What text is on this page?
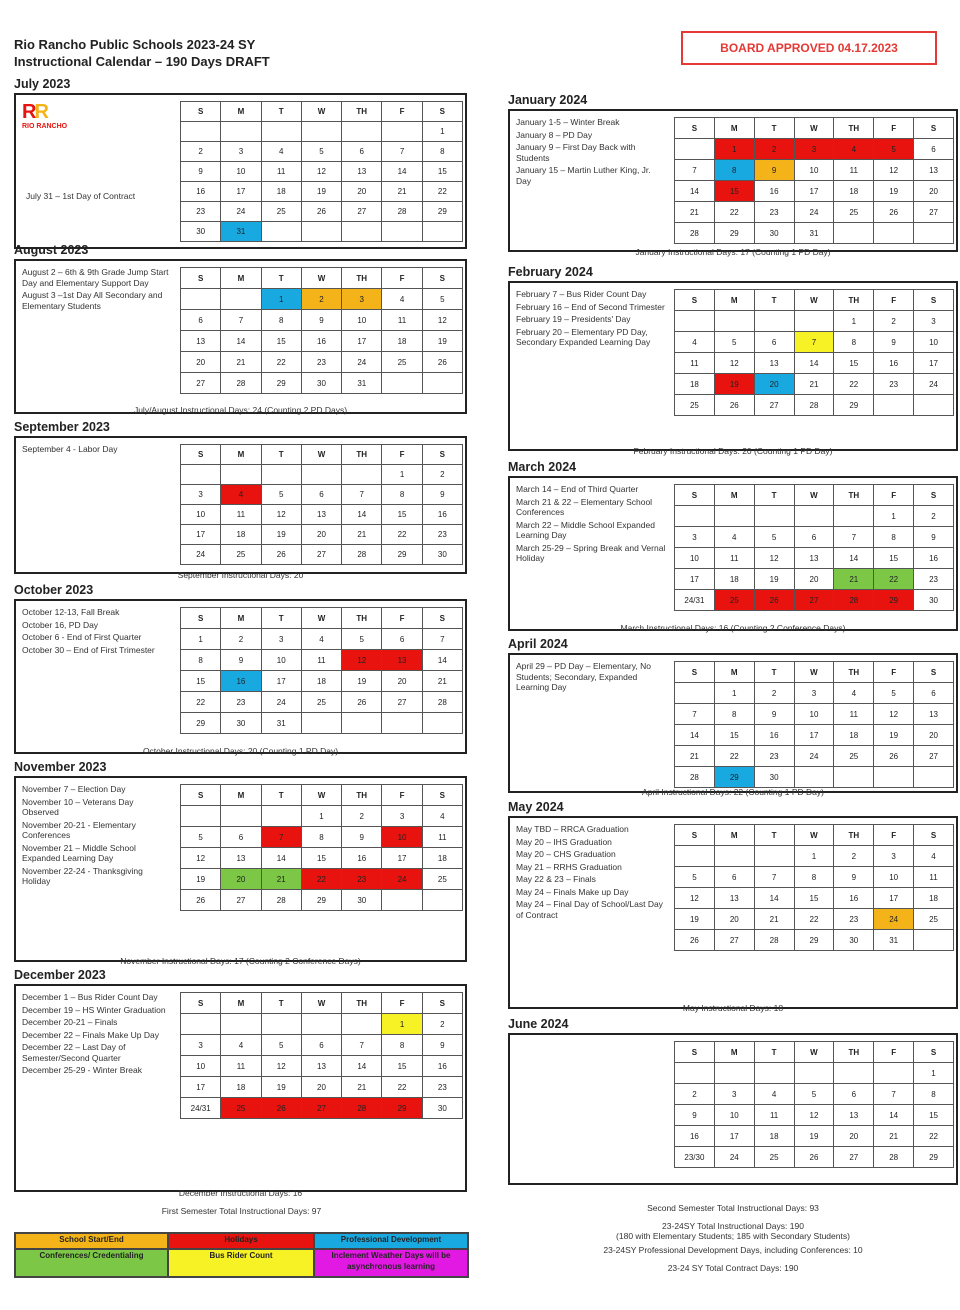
Rio Rancho Public Schools 2023-24 SY
Instructional Calendar – 190 Days DRAFT
BOARD APPROVED 04.17.2023
July 2023
July 31 – 1st Day of Contract
RR
RIO RANCHO
S	M	T	W	TH	F	S
						1
2	3	4	5	6	7	8
9	10	11	12	13	14	15
16	17	18	19	20	21	22
23	24	25	26	27	28	29
30	31					
August 2023
August 2 – 6th & 9th Grade Jump Start Day and Elementary Support Day
August 3 –1st Day All Secondary and Elementary Students
S	M	T	W	TH	F	S
		1	2	3	4	5
6	7	8	9	10	11	12
13	14	15	16	17	18	19
20	21	22	23	24	25	26
27	28	29	30	31		
July/August Instructional Days: 24 (Counting 2 PD Days)
September 2023
September 4 - Labor Day
S	M	T	W	TH	F	S
					1	2
3	4	5	6	7	8	9
10	11	12	13	14	15	16
17	18	19	20	21	22	23
24	25	26	27	28	29	30
September Instructional Days: 20
October 2023
October 12-13, Fall Break
October 16, PD Day
October 6 - End of First Quarter
October 30 – End of First Trimester
S	M	T	W	TH	F	S
1	2	3	4	5	6	7
8	9	10	11	12	13	14
15	16	17	18	19	20	21
22	23	24	25	26	27	28
29	30	31				
October Instructional Days: 20 (Counting 1 PD Day)
November 2023
November 7 – Election Day
November 10 – Veterans Day Observed
November 20-21 - Elementary Conferences
November 21 – Middle School Expanded Learning Day
November 22-24 - Thanksgiving Holiday
S	M	T	W	TH	F	S
			1	2	3	4
5	6	7	8	9	10	11
12	13	14	15	16	17	18
19	20	21	22	23	24	25
26	27	28	29	30		
November Instructional Days: 17 (Counting 2 Conference Days)
December 2023
December 1 – Bus Rider Count Day
December 19 – HS Winter Graduation
December 20-21 – Finals
December 22 – Finals Make Up Day
December 22 – Last Day of Semester/Second Quarter
December 25-29 - Winter Break
S	M	T	W	TH	F	S
					1	2
3	4	5	6	7	8	9
10	11	12	13	14	15	16
17	18	19	20	21	22	23
24/31	25	26	27	28	29	30
December Instructional Days: 16
January 2024
January 1-5 – Winter Break
January 8 – PD Day
January 9 – First Day Back with Students
January 15 – Martin Luther King, Jr. Day
S	M	T	W	TH	F	S
	1	2	3	4	5	6
7	8	9	10	11	12	13
14	15	16	17	18	19	20
21	22	23	24	25	26	27
28	29	30	31			
January Instructional Days: 17 (Counting 1 PD Day)
February 2024
February 7 – Bus Rider Count Day
February 16 – End of Second Trimester
February 19 – Presidents' Day
February 20 – Elementary PD Day, Secondary Expanded Learning Day
S	M	T	W	TH	F	S
				1	2	3
4	5	6	7	8	9	10
11	12	13	14	15	16	17
18	19	20	21	22	23	24
25	26	27	28	29		
February Instructional Days: 20 (Counting 1 PD Day)
March 2024
March 14 – End of Third Quarter
March 21 & 22 – Elementary School Conferences
March 22 – Middle School Expanded Learning Day
March 25-29 – Spring Break and Vernal Holiday
S	M	T	W	TH	F	S
					1	2
3	4	5	6	7	8	9
10	11	12	13	14	15	16
17	18	19	20	21	22	23
24/31	25	26	27	28	29	30
March Instructional Days: 16 (Counting 2 Conference Days)
April 2024
April 29 – PD Day – Elementary, No Students; Secondary, Expanded Learning Day
S	M	T	W	TH	F	S
	1	2	3	4	5	6
7	8	9	10	11	12	13
14	15	16	17	18	19	20
21	22	23	24	25	26	27
28	29	30				
April Instructional Days: 22 (Counting 1 PD Day)
May 2024
May TBD – RRCA Graduation
May 20 – IHS Graduation
May 20 – CHS Graduation
May 21 – RRHS Graduation
May 22 & 23 – Finals
May 24 – Finals Make up Day
May 24 – Final Day of School/Last Day of Contract
S	M	T	W	TH	F	S
			1	2	3	4
5	6	7	8	9	10	11
12	13	14	15	16	17	18
19	20	21	22	23	24	25
26	27	28	29	30	31	
May Instructional Days: 18
June 2024
S	M	T	W	TH	F	S
						1
2	3	4	5	6	7	8
9	10	11	12	13	14	15
16	17	18	19	20	21	22
23/30	24	25	26	27	28	29
First Semester Total Instructional Days: 97	Second Semester Total Instructional Days: 93
23-24SY Total Instructional Days: 190
(180 with Elementary Students; 185 with Secondary Students)
23-24SY Professional Development Days, including Conferences: 10
23-24 SY Total Contract Days: 190
School Start/End	Holidays	Professional Development
Conferences/ Credentialing	Bus Rider Count	Inclement Weather Days will be asynchronous learning
